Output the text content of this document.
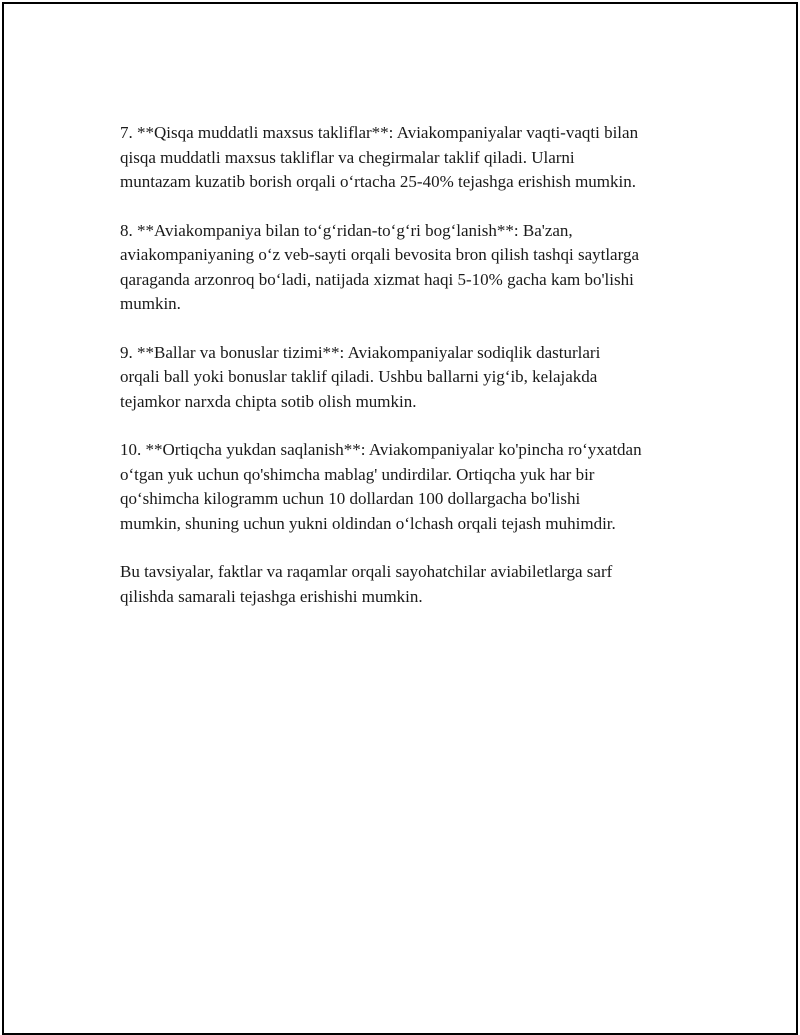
7. **Qisqa muddatli maxsus takliflar**: Aviakompaniyalar vaqti-vaqti bilan
qisqa muddatli maxsus takliflar va chegirmalar taklif qiladi. Ularni
muntazam kuzatib borish orqali o‘rtacha 25-40% tejashga erishish mumkin.

8. **Aviakompaniya bilan to‘g‘ridan-to‘g‘ri bog‘lanish**: Ba'zan,
aviakompaniyaning o‘z veb-sayti orqali bevosita bron qilish tashqi saytlarga
qaraganda arzonroq bo‘ladi, natijada xizmat haqi 5-10% gacha kam bo'lishi
mumkin.

9. **Ballar va bonuslar tizimi**: Aviakompaniyalar sodiqlik dasturlari
orqali ball yoki bonuslar taklif qiladi. Ushbu ballarni yig‘ib, kelajakda
tejamkor narxda chipta sotib olish mumkin.

10. **Ortiqcha yukdan saqlanish**: Aviakompaniyalar ko'pincha ro‘yxatdan
o‘tgan yuk uchun qo'shimcha mablag' undirdilar. Ortiqcha yuk har bir
qo‘shimcha kilogramm uchun 10 dollardan 100 dollargacha bo'lishi
mumkin, shuning uchun yukni oldindan o‘lchash orqali tejash muhimdir.

Bu tavsiyalar, faktlar va raqamlar orqali sayohatchilar aviabiletlarga sarf
qilishda samarali tejashga erishishi mumkin.
